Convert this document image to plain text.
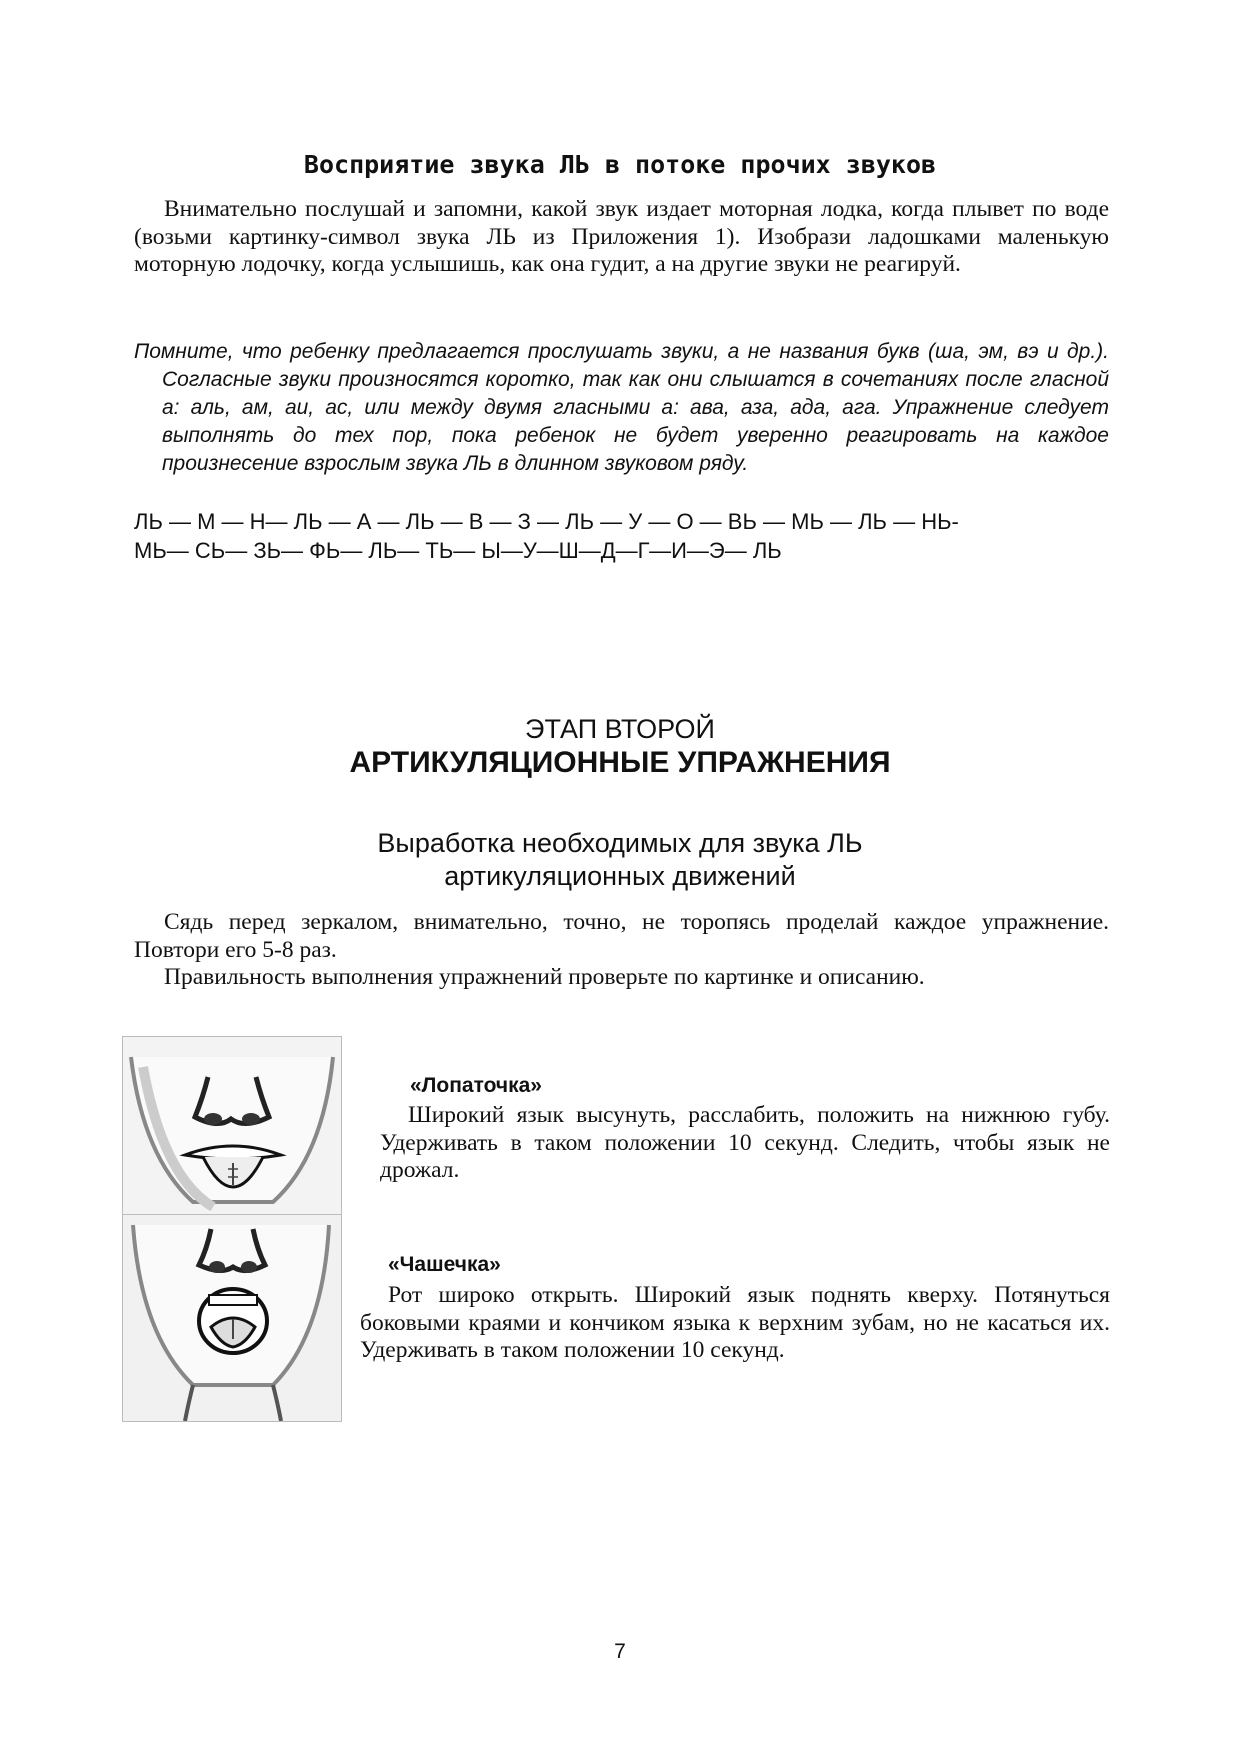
Восприятие звука ЛЬ в потоке прочих звуков

Внимательно послушай и запомни, какой звук издает моторная лодка, когда плывет по воде (возьми картинку-символ звука ЛЬ из Приложения 1). Изобрази ладошками маленькую моторную лодочку, когда услышишь, как она гудит, а на другие звуки не реагируй.

Помните, что ребенку предлагается прослушать звуки, а не названия букв (ша, эм, вэ и др.). Согласные звуки произносятся коротко, так как они слышатся в сочетаниях после гласной а: аль, ам, аи, ас, или между двумя гласными а: ава, аза, ада, ага. Упражнение следует выполнять до тех пор, пока ребенок не будет уверенно реагировать на каждое произнесение взрослым звука ЛЬ в длинном звуковом ряду.

ЛЬ — М — Н— ЛЬ — А — ЛЬ — В — З — ЛЬ — У — О — ВЬ — МЬ — ЛЬ — НЬ-

МЬ— СЬ— ЗЬ— ФЬ— ЛЬ— ТЬ— Ы—У—Ш—Д—Г—И—Э— ЛЬ

ЭТАП ВТОРОЙ
АРТИКУЛЯЦИОННЫЕ УПРАЖНЕНИЯ
Выработка необходимых для звука ЛЬ
артикуляционных движений

Сядь перед зеркалом, внимательно, точно, не торопясь проделай каждое упражнение. Повтори его 5-8 раз.

Правильность выполнения упражнений проверьте по картинке и описанию.

«Лопаточка»

Широкий язык высунуть, расслабить, положить на нижнюю губу. Удерживать в таком положении 10 секунд. Следить, чтобы язык не дрожал.

«Чашечка»

Рот широко открыть. Широкий язык поднять кверху. Потянуться боковыми краями и кончиком языка к верхним зубам, но не касаться их. Удерживать в таком положении 10 секунд.

7
